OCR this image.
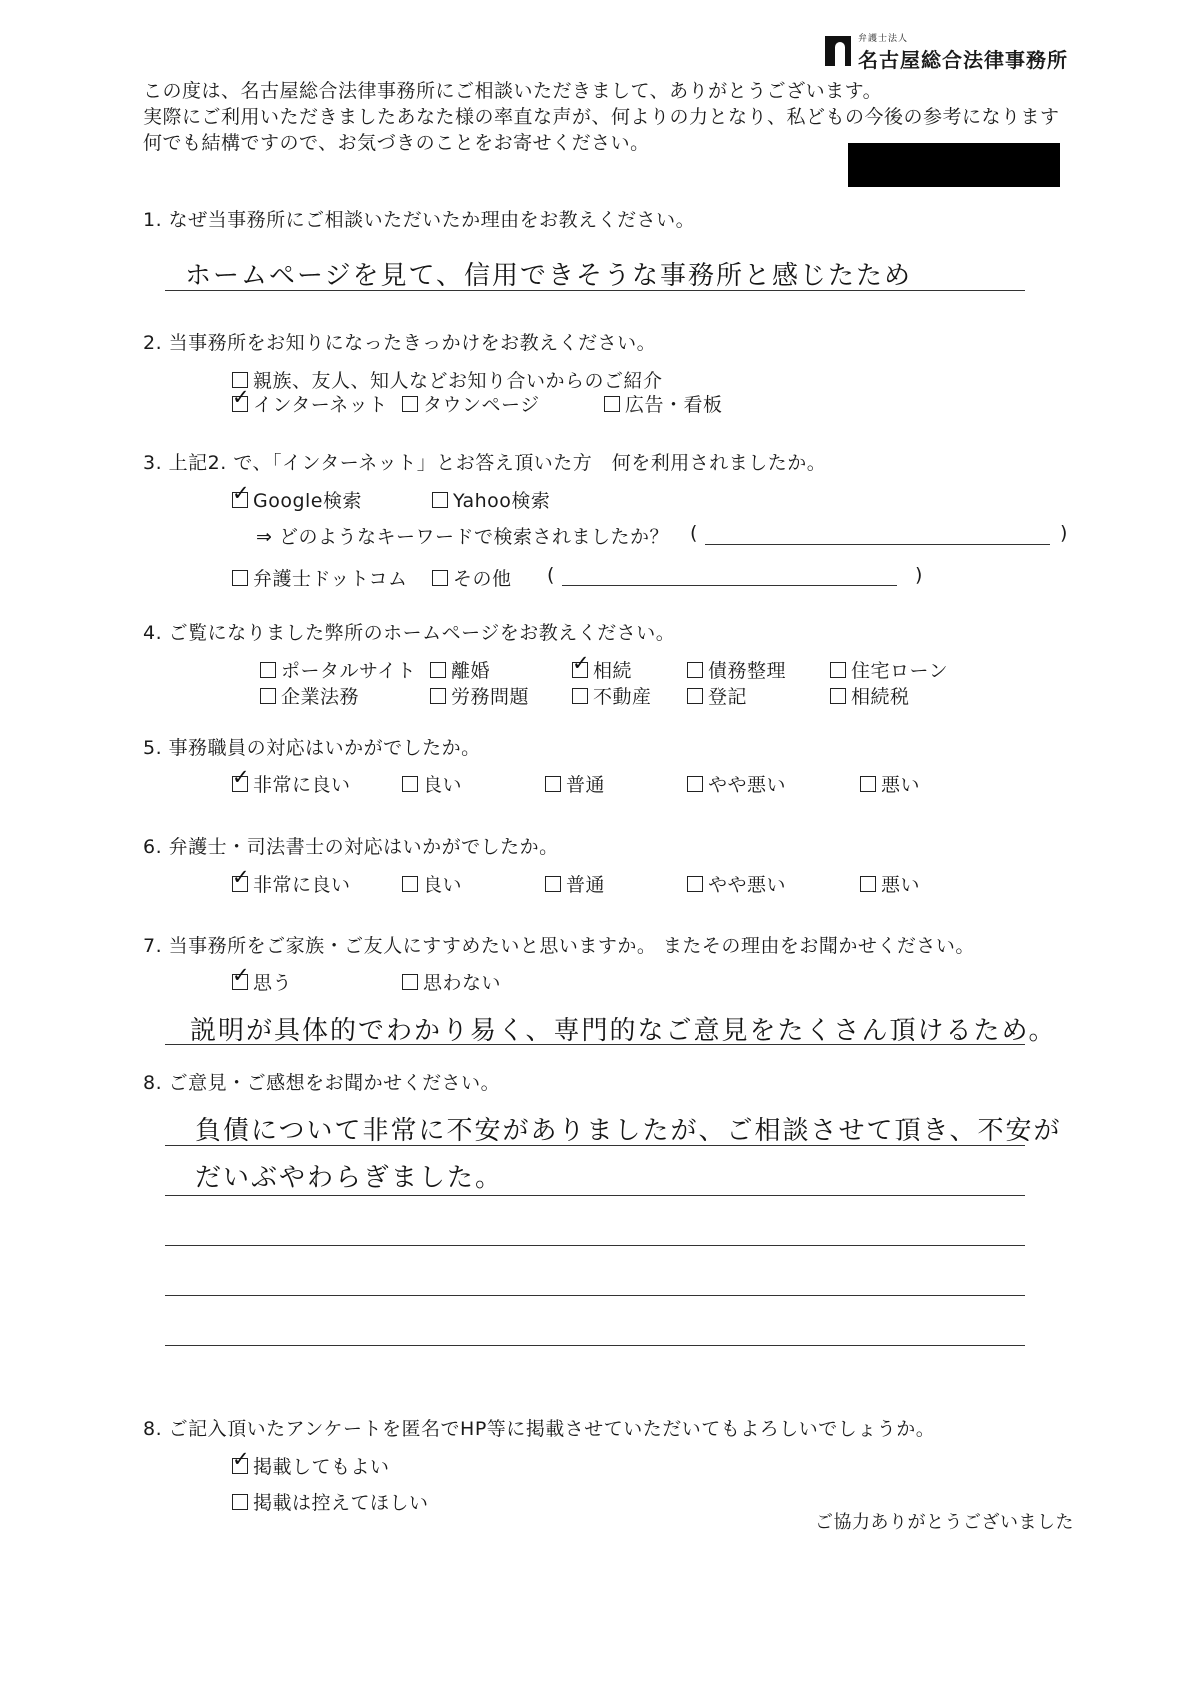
弁護士法人
名古屋総合法律事務所
この度は、名古屋総合法律事務所にご相談いただきまして、ありがとうございます。
実際にご利用いただきましたあなた様の率直な声が、何よりの力となり、私どもの今後の参考になります
何でも結構ですので、お気づきのことをお寄せください。
1. なぜ当事務所にご相談いただいたか理由をお教えください。
ホームページを見て、信用できそうな事務所と感じたため
2. 当事務所をお知りになったきっかけをお教えください。
親族、友人、知人などお知り合いからのご紹介
✓
インターネット タウンページ	広告・看板
3. 上記2. で、「インターネット」とお答え頂いた方　何を利用されましたか。
✓
Google検索	Yahoo検索
⇒ どのようなキーワードで検索されましたか？ (	)
弁護士ドットコム その他 (	)
4. ご覧になりました弊所のホームページをお教えください。
ポータルサイト 離婚
✓	相続	債務整理	住宅ローン
企業法務	労務問題	不動産	登記	相続税
5. 事務職員の対応はいかがでしたか。
✓
非常に良い	良い	普通	やや悪い	悪い
6. 弁護士・司法書士の対応はいかがでしたか。
✓
非常に良い	良い	普通	やや悪い	悪い
7. 当事務所をご家族・ご友人にすすめたいと思いますか。 またその理由をお聞かせください。
✓
思う	思わない
説明が具体的でわかり易く、専門的なご意見をたくさん頂けるため。
8. ご意見・ご感想をお聞かせください。
負債について非常に不安がありましたが、ご相談させて頂き、不安が
だいぶやわらぎました。
8. ご記入頂いたアンケートを匿名でHP等に掲載させていただいてもよろしいでしょうか。
✓
掲載してもよい
掲載は控えてほしい
ご協力ありがとうございました
